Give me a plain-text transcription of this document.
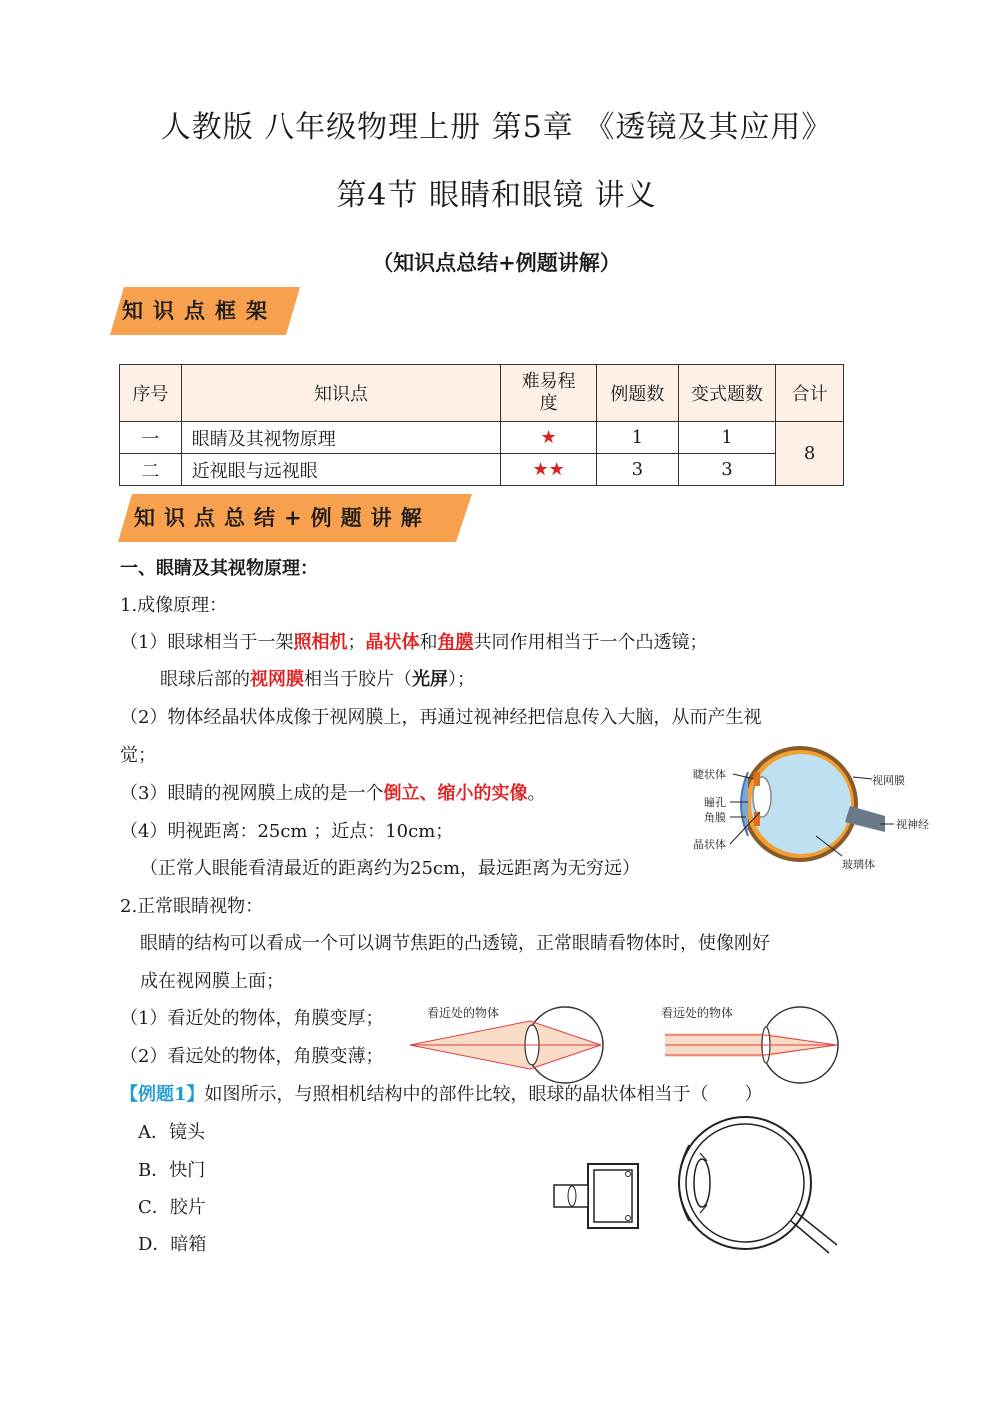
人教版 八年级物理上册 第5章 《透镜及其应用》
第4节 眼睛和眼镜 讲义
（知识点总结+例题讲解）
知识点框架
序号	知识点	难易程度	例题数	变式题数	合计
一	眼睛及其视物原理	★	1	1	8
二	近视眼与远视眼	★★	3	3	
知识点总结+例题讲解
一、眼睛及其视物原理：
1.成像原理：
（1）眼球相当于一架照相机；晶状体和角膜共同作用相当于一个凸透镜；
眼球后部的视网膜相当于胶片（光屏）；
（2）物体经晶状体成像于视网膜上，再通过视神经把信息传入大脑，从而产生视
觉；
（3）眼睛的视网膜上成的是一个倒立、缩小的实像。
（4）明视距离：25cm ；近点：10cm；
（正常人眼能看清最近的距离约为25cm，最远距离为无穷远）
睫状体
瞳孔
角膜
晶状体
视网膜
视神经
玻璃体
2.正常眼睛视物：
眼睛的结构可以看成一个可以调节焦距的凸透镜，正常眼睛看物体时，使像刚好
成在视网膜上面；
（1）看近处的物体，角膜变厚；
（2）看远处的物体，角膜变薄；
看近处的物体	看远处的物体
【例题1】如图所示，与照相机结构中的部件比较，眼球的晶状体相当于（　　）
A．镜头
B．快门
C．胶片
D．暗箱
